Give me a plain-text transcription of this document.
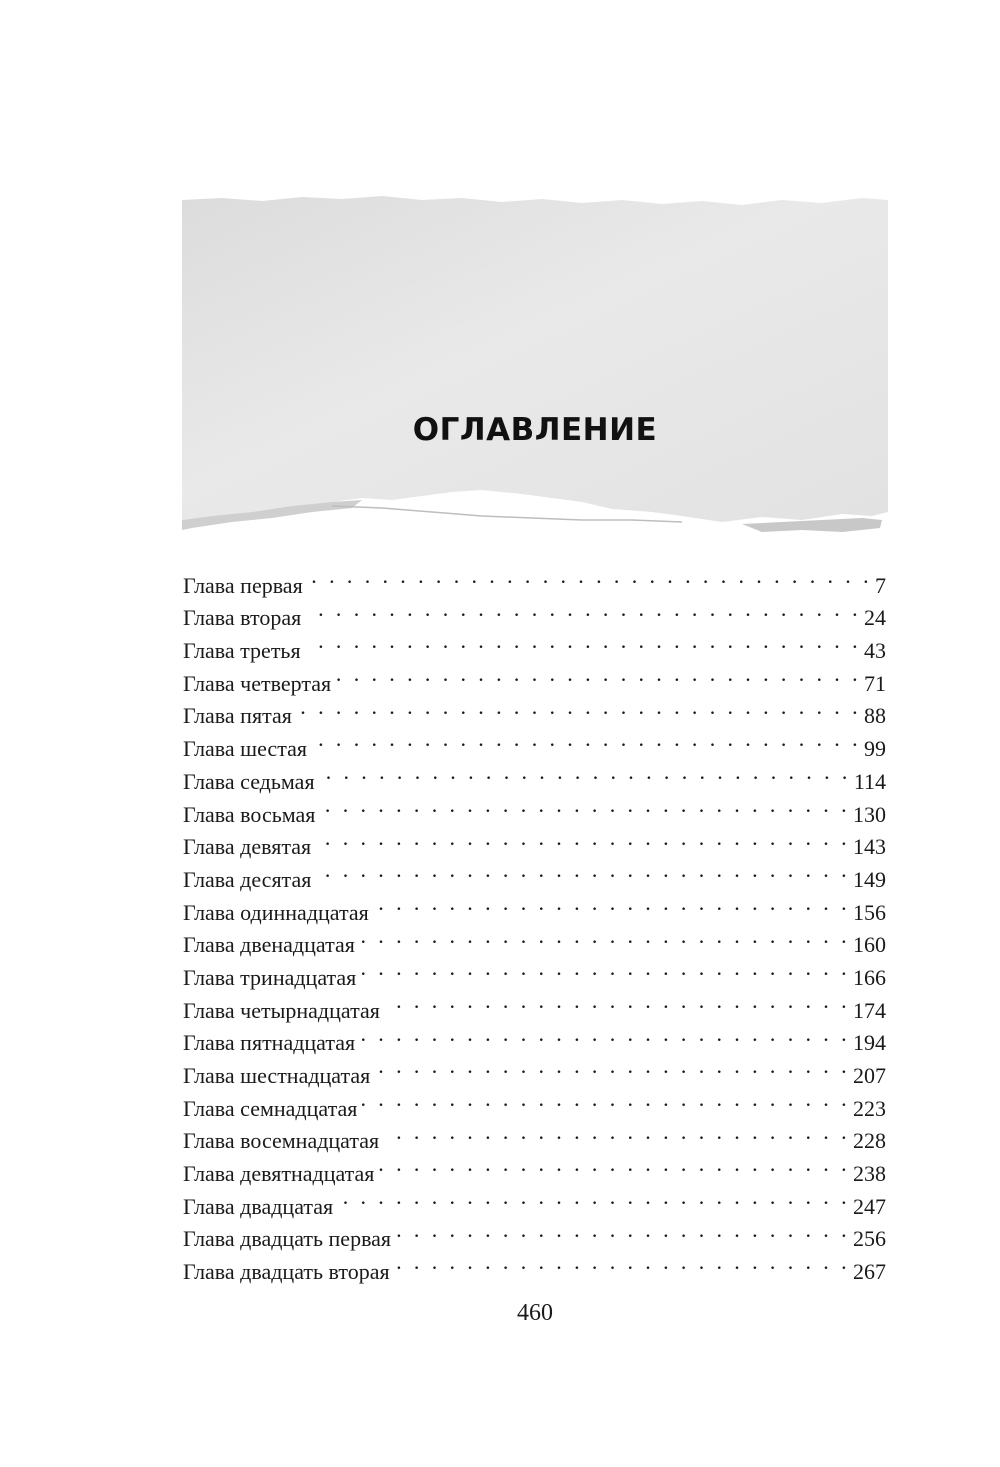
ОГЛАВЛЕНИЕ
Глава первая . . .	7
Глава вторая . . .	24
Глава третья . . .	43
Глава четвертая . . .	71
Глава пятая . . .	88
Глава шестая . . .	99
Глава седьмая . . .	114
Глава восьмая . . .	130
Глава девятая . . .	143
Глава десятая . . .	149
Глава одиннадцатая . . .	156
Глава двенадцатая . . .	160
Глава тринадцатая . . .	166
Глава четырнадцатая . . .	174
Глава пятнадцатая . . .	194
Глава шестнадцатая . . .	207
Глава семнадцатая . . .	223
Глава восемнадцатая . . .	228
Глава девятнадцатая . . .	238
Глава двадцатая . . .	247
Глава двадцать первая . . .	256
Глава двадцать вторая . . .	267
460
